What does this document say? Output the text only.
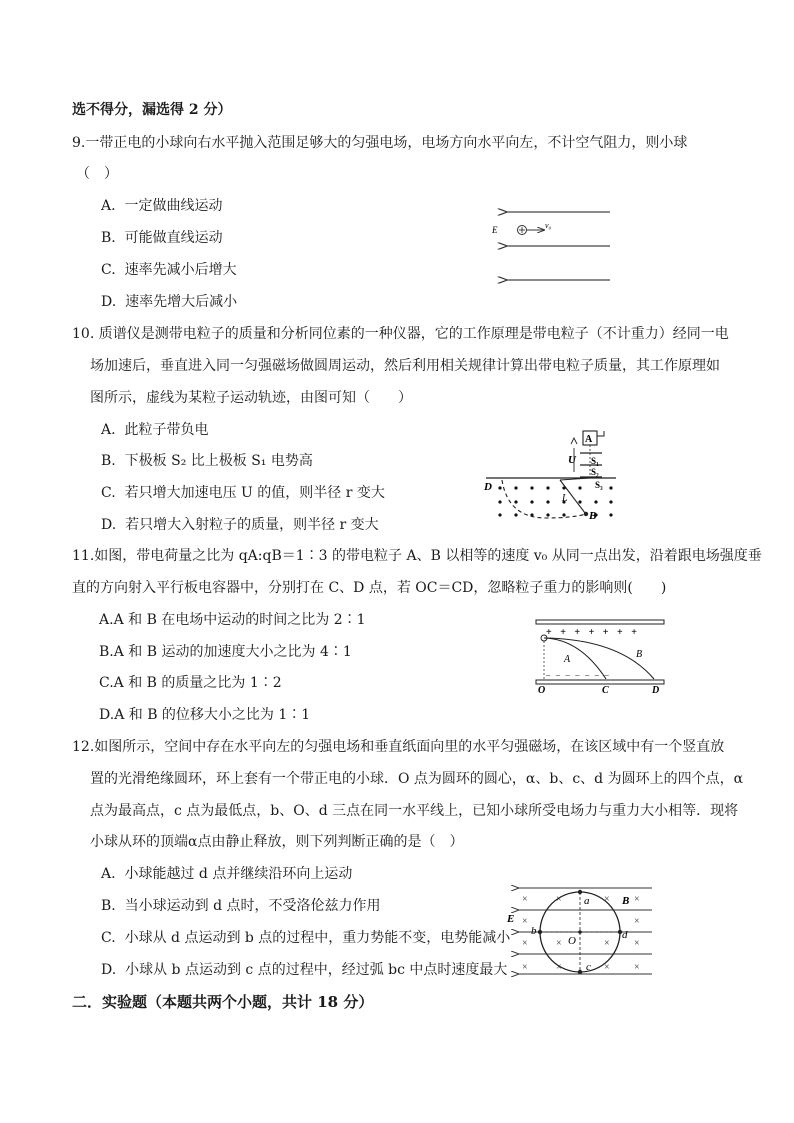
选不得分，漏选得 2 分）
9.一带正电的小球向右水平抛入范围足够大的匀强电场，电场方向水平向左，不计空气阻力，则小球
（　）
A. 一定做曲线运动
B. 可能做直线运动
C. 速率先减小后增大
D. 速率先增大后减小
E	v₀
10. 质谱仪是测带电粒子的质量和分析同位素的一种仪器，它的工作原理是带电粒子（不计重力）经同一电
场加速后，垂直进入同一匀强磁场做圆周运动，然后利用相关规律计算出带电粒子质量，其工作原理如
图所示，虚线为某粒子运动轨迹，由图可知（　　）
A. 此粒子带负电
B. 下极板 S₂ 比上极板 S₁ 电势高
C. 若只增大加速电压 U 的值，则半径 r 变大
D. 若只增大入射粒子的质量，则半径 r 变大
A
U S₁
S₂
D	S₃
L
B
11.如图，带电荷量之比为 qA:qB＝1∶3 的带电粒子 A、B 以相等的速度 v₀ 从同一点出发，沿着跟电场强度垂
直的方向射入平行板电容器中，分别打在 C、D 点，若 OC＝CD，忽略粒子重力的影响则(　　)
A.A 和 B 在电场中运动的时间之比为 2∶1
B.A 和 B 运动的加速度大小之比为 4∶1
C.A 和 B 的质量之比为 1∶2
D.A 和 B 的位移大小之比为 1∶1
+ + + + + + +
─ ─ ─ ─ ─ ─ ─
A	B
O	C	D
12.如图所示，空间中存在水平向左的匀强电场和垂直纸面向里的水平匀强磁场，在该区域中有一个竖直放
置的光滑绝缘圆环，环上套有一个带正电的小球．O 点为圆环的圆心，α、b、c、d 为圆环上的四个点，α
点为最高点，c 点为最低点，b、O、d 三点在同一水平线上，已知小球所受电场力与重力大小相等．现将
小球从环的顶端α点由静止释放，则下列判断正确的是（　）
A. 小球能越过 d 点并继续沿环向上运动
B. 当小球运动到 d 点时，不受洛伦兹力作用
C. 小球从 d 点运动到 b 点的过程中，重力势能不变，电势能减小
D. 小球从 b 点运动到 c 点的过程中，经过弧 bc 中点时速度最大
E
B
×	×	× ×
×	×
×	×	× ×
×	×	× ×
a
b	d
c
O
二．实验题（本题共两个小题，共计 18 分）
